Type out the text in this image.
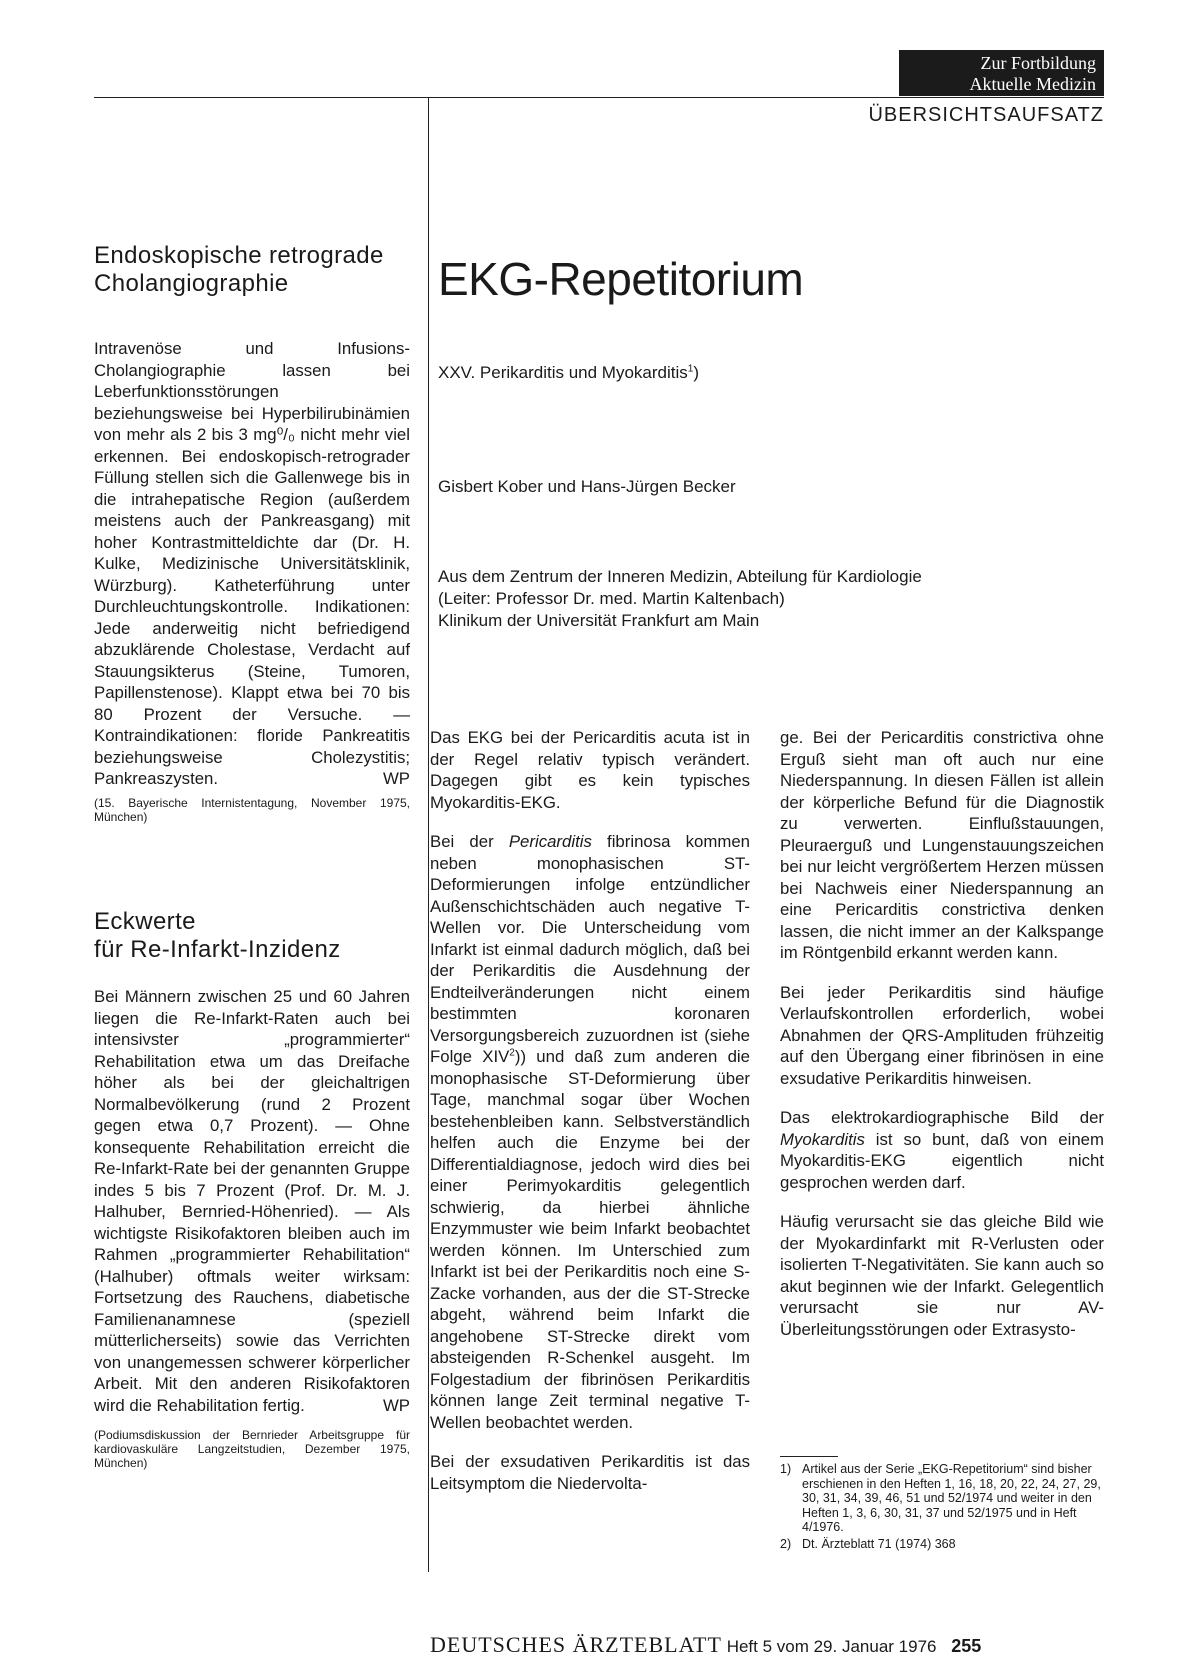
Zur Fortbildung
Aktuelle Medizin
ÜBERSICHTSAUFSATZ
Endoskopische retrograde
Cholangiographie

Intravenöse und Infusions-Cholangiographie lassen bei Leberfunktionsstörungen beziehungsweise bei Hyperbilirubinämien von mehr als 2 bis 3 mg⁰/₀ nicht mehr viel erkennen. Bei endoskopisch-retrograder Füllung stellen sich die Gallenwege bis in die intrahepatische Region (außerdem meistens auch der Pankreasgang) mit hoher Kontrastmitteldichte dar (Dr. H. Kulke, Medizinische Universitätsklinik, Würzburg). Katheterführung unter Durchleuchtungskontrolle. Indikationen: Jede anderweitig nicht befriedigend abzuklärende Cholestase, Verdacht auf Stauungsikterus (Steine, Tumoren, Papillenstenose). Klappt etwa bei 70 bis 80 Prozent der Versuche. — Kontraindikationen: floride Pankreatitis beziehungsweise Cholezystitis; Pankreaszysten.	WP

(15. Bayerische Internistentagung, November 1975, München)

Eckwerte
für Re-Infarkt-Inzidenz

Bei Männern zwischen 25 und 60 Jahren liegen die Re-Infarkt-Raten auch bei intensivster „programmierter“ Rehabilitation etwa um das Dreifache höher als bei der gleichaltrigen Normalbevölkerung (rund 2 Prozent gegen etwa 0,7 Prozent). — Ohne konsequente Rehabilitation erreicht die Re-Infarkt-Rate bei der genannten Gruppe indes 5 bis 7 Prozent (Prof. Dr. M. J. Halhuber, Bernried-Höhenried). — Als wichtigste Risikofaktoren bleiben auch im Rahmen „programmierter Rehabilitation“ (Halhuber) oftmals weiter wirksam: Fortsetzung des Rauchens, diabetische Familienanamnese (speziell mütterlicherseits) sowie das Verrichten von unangemessen schwerer körperlicher Arbeit. Mit den anderen Risikofaktoren wird die Rehabilitation fertig.	WP

(Podiumsdiskussion der Bernrieder Arbeitsgruppe für kardiovaskuläre Langzeitstudien, Dezember 1975, München)

EKG-Repetitorium
XXV. Perikarditis und Myokarditis$^1$)
Gisbert Kober und Hans-Jürgen Becker
Aus dem Zentrum der Inneren Medizin, Abteilung für Kardiologie
(Leiter: Professor Dr. med. Martin Kaltenbach)
Klinikum der Universität Frankfurt am Main

Das EKG bei der Pericarditis acuta ist in der Regel relativ typisch verändert. Dagegen gibt es kein typisches Myokarditis-EKG.

Bei der Pericarditis fibrinosa kommen neben monophasischen ST-Deformierungen infolge entzündlicher Außenschichtschäden auch negative T-Wellen vor. Die Unterscheidung vom Infarkt ist einmal dadurch möglich, daß bei der Perikarditis die Ausdehnung der Endteilveränderungen nicht einem bestimmten koronaren Versorgungsbereich zuzuordnen ist (siehe Folge XIV$^2$)) und daß zum anderen die monophasische ST-Deformierung über Tage, manchmal sogar über Wochen bestehenbleiben kann. Selbstverständlich helfen auch die Enzyme bei der Differentialdiagnose, jedoch wird dies bei einer Perimyokarditis gelegentlich schwierig, da hierbei ähnliche Enzymmuster wie beim Infarkt beobachtet werden können. Im Unterschied zum Infarkt ist bei der Perikarditis noch eine S-Zacke vorhanden, aus der die ST-Strecke abgeht, während beim Infarkt die angehobene ST-Strecke direkt vom absteigenden R-Schenkel ausgeht. Im Folgestadium der fibrinösen Perikarditis können lange Zeit terminal negative T-Wellen beobachtet werden.

Bei der exsudativen Perikarditis ist das Leitsymptom die Niedervolta-

ge. Bei der Pericarditis constrictiva ohne Erguß sieht man oft auch nur eine Niederspannung. In diesen Fällen ist allein der körperliche Befund für die Diagnostik zu verwerten. Einflußstauungen, Pleuraerguß und Lungenstauungszeichen bei nur leicht vergrößertem Herzen müssen bei Nachweis einer Niederspannung an eine Pericarditis constrictiva denken lassen, die nicht immer an der Kalkspange im Röntgenbild erkannt werden kann.

Bei jeder Perikarditis sind häufige Verlaufskontrollen erforderlich, wobei Abnahmen der QRS-Amplituden frühzeitig auf den Übergang einer fibrinösen in eine exsudative Perikarditis hinweisen.

Das elektrokardiographische Bild der Myokarditis ist so bunt, daß von einem Myokarditis-EKG eigentlich nicht gesprochen werden darf.

Häufig verursacht sie das gleiche Bild wie der Myokardinfarkt mit R-Verlusten oder isolierten T-Negativitäten. Sie kann auch so akut beginnen wie der Infarkt. Gelegentlich verursacht sie nur AV-Überleitungsstörungen oder Extrasysto-

1) Artikel aus der Serie „EKG-Repetitorium“ sind bisher erschienen in den Heften 1, 16, 18, 20, 22, 24, 27, 29, 30, 31, 34, 39, 46, 51 und 52/1974 und weiter in den Heften 1, 3, 6, 30, 31, 37 und 52/1975 und in Heft 4/1976.
2) Dt. Ärzteblatt 71 (1974) 368
DEUTSCHES ÄRZTEBLATT Heft 5 vom 29. Januar 1976 255
